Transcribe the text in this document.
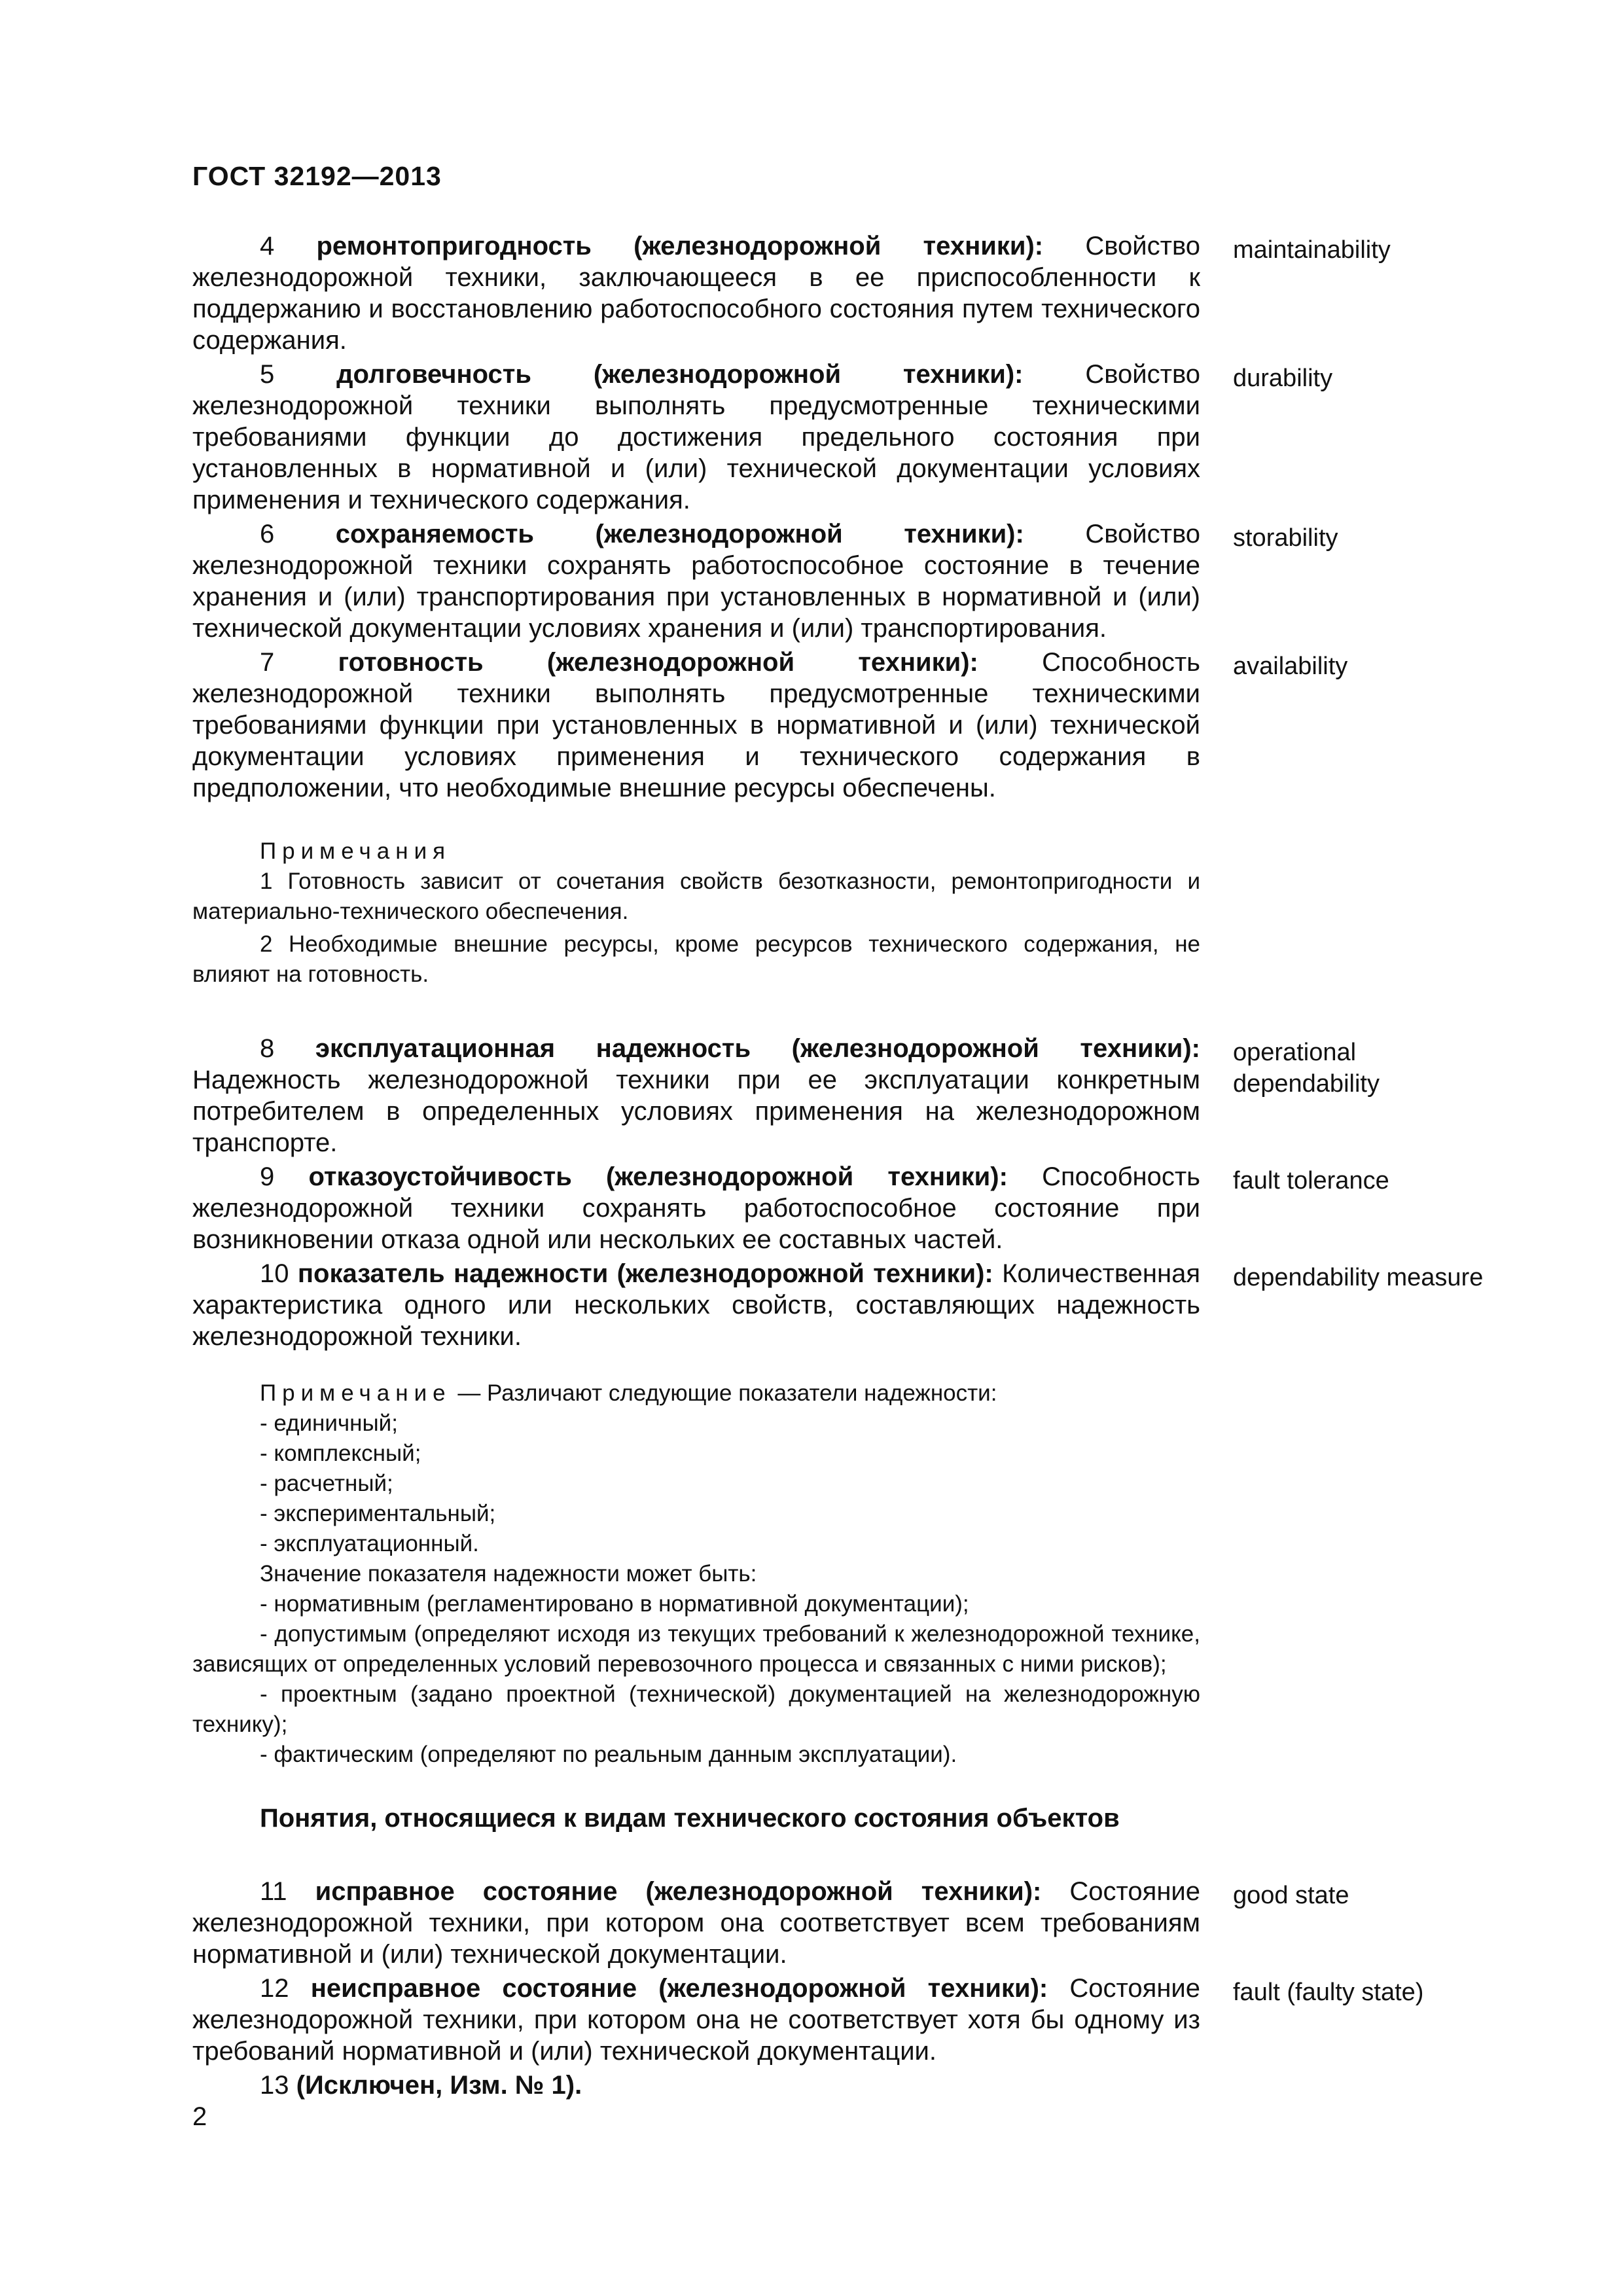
ГОСТ 32192—2013
4 ремонтопригодность (железнодорожной техники): Свойство железнодорожной техники, заключающееся в ее приспособленности к поддержанию и восстановлению работоспособного состояния путем технического содержания.
maintainability
5 долговечность (железнодорожной техники): Свойство железнодорожной техники выполнять предусмотренные техническими требованиями функции до достижения предельного состояния при установленных в нормативной и (или) технической документации условиях применения и технического содержания.
durability
6 сохраняемость (железнодорожной техники): Свойство железнодорожной техники сохранять работоспособное состояние в течение хранения и (или) транспортирования при установленных в нормативной и (или) технической документации условиях хранения и (или) транспортирования.
storability
7 готовность (железнодорожной техники): Способность железнодорожной техники выполнять предусмотренные техническими требованиями функции при установленных в нормативной и (или) технической документации условиях применения и технического содержания в предположении, что необходимые внешние ресурсы обеспечены.
availability
Примечания
1 Готовность зависит от сочетания свойств безотказности, ремонтопригодности и материально-технического обеспечения.
2 Необходимые внешние ресурсы, кроме ресурсов технического содержания, не влияют на готовность.
8 эксплуатационная надежность (железнодорожной техники): Надежность железнодорожной техники при ее эксплуатации конкретным потребителем в определенных условиях применения на железнодорожном транспорте.
operational dependability
9 отказоустойчивость (железнодорожной техники): Способность железнодорожной техники сохранять работоспособное состояние при возникновении отказа одной или нескольких ее составных частей.
fault tolerance
10 показатель надежности (железнодорожной техники): Количественная характеристика одного или нескольких свойств, составляющих надежность железнодорожной техники.
dependability measure
Примечание — Различают следующие показатели надежности:
- единичный;
- комплексный;
- расчетный;
- экспериментальный;
- эксплуатационный.
Значение показателя надежности может быть:
- нормативным (регламентировано в нормативной документации);
- допустимым (определяют исходя из текущих требований к железнодорожной технике, зависящих от определенных условий перевозочного процесса и связанных с ними рисков);
- проектным (задано проектной (технической) документацией на железнодорожную технику);
- фактическим (определяют по реальным данным эксплуатации).
Понятия, относящиеся к видам технического состояния объектов
11 исправное состояние (железнодорожной техники): Состояние железнодорожной техники, при котором она соответствует всем требованиям нормативной и (или) технической документации.
good state
12 неисправное состояние (железнодорожной техники): Состояние железнодорожной техники, при котором она не соответствует хотя бы одному из требований нормативной и (или) технической документации.
fault (faulty state)
13 (Исключен, Изм. № 1).
2
